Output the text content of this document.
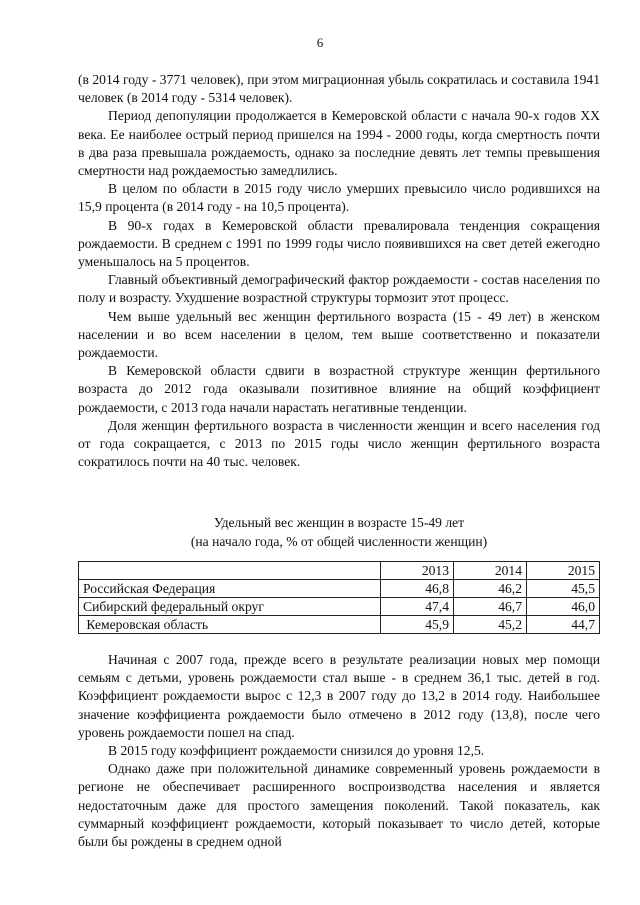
6

(в 2014 году - 3771 человек), при этом миграционная убыль сократилась и составила 1941 человек (в 2014 году - 5314 человек).

Период депопуляции продолжается в Кемеровской области с начала 90-х годов XX века. Ее наиболее острый период пришелся на 1994 - 2000 годы, когда смертность почти в два раза превышала рождаемость, однако за последние девять лет темпы превышения смертности над рождаемостью замедлились.

В целом по области в 2015 году число умерших превысило число родившихся на 15,9 процента (в 2014 году - на 10,5 процента).

В 90-х годах в Кемеровской области превалировала тенденция сокращения рождаемости. В среднем с 1991 по 1999 годы число появившихся на свет детей ежегодно уменьшалось на 5 процентов.

Главный объективный демографический фактор рождаемости - состав населения по полу и возрасту. Ухудшение возрастной структуры тормозит этот процесс.

Чем выше удельный вес женщин фертильного возраста (15 - 49 лет) в женском населении и во всем населении в целом, тем выше соответственно и показатели рождаемости.

В Кемеровской области сдвиги в возрастной структуре женщин фертильного возраста до 2012 года оказывали позитивное влияние на общий коэффициент рождаемости, с 2013 года начали нарастать негативные тенденции.

Доля женщин фертильного возраста в численности женщин и всего населения год от года сокращается, с 2013 по 2015 годы число женщин фертильного возраста сократилось почти на 40 тыс. человек.

Удельный вес женщин в возрасте 15-49 лет
(на начало года, % от общей численности женщин)
	2013	2014	2015
Российская Федерация	46,8	46,2	45,5
Сибирский федеральный округ	47,4	46,7	46,0
Кемеровская область	45,9	45,2	44,7

Начиная с 2007 года, прежде всего в результате реализации новых мер помощи семьям с детьми, уровень рождаемости стал выше - в среднем 36,1 тыс. детей в год. Коэффициент рождаемости вырос с 12,3 в 2007 году до 13,2 в 2014 году. Наибольшее значение коэффициента рождаемости было отмечено в 2012 году (13,8), после чего уровень рождаемости пошел на спад.

В 2015 году коэффициент рождаемости снизился до уровня 12,5.

Однако даже при положительной динамике современный уровень рождаемости в регионе не обеспечивает расширенного воспроизводства населения и является недостаточным даже для простого замещения поколений. Такой показатель, как суммарный коэффициент рождаемости, который показывает то число детей, которые были бы рождены в среднем одной
